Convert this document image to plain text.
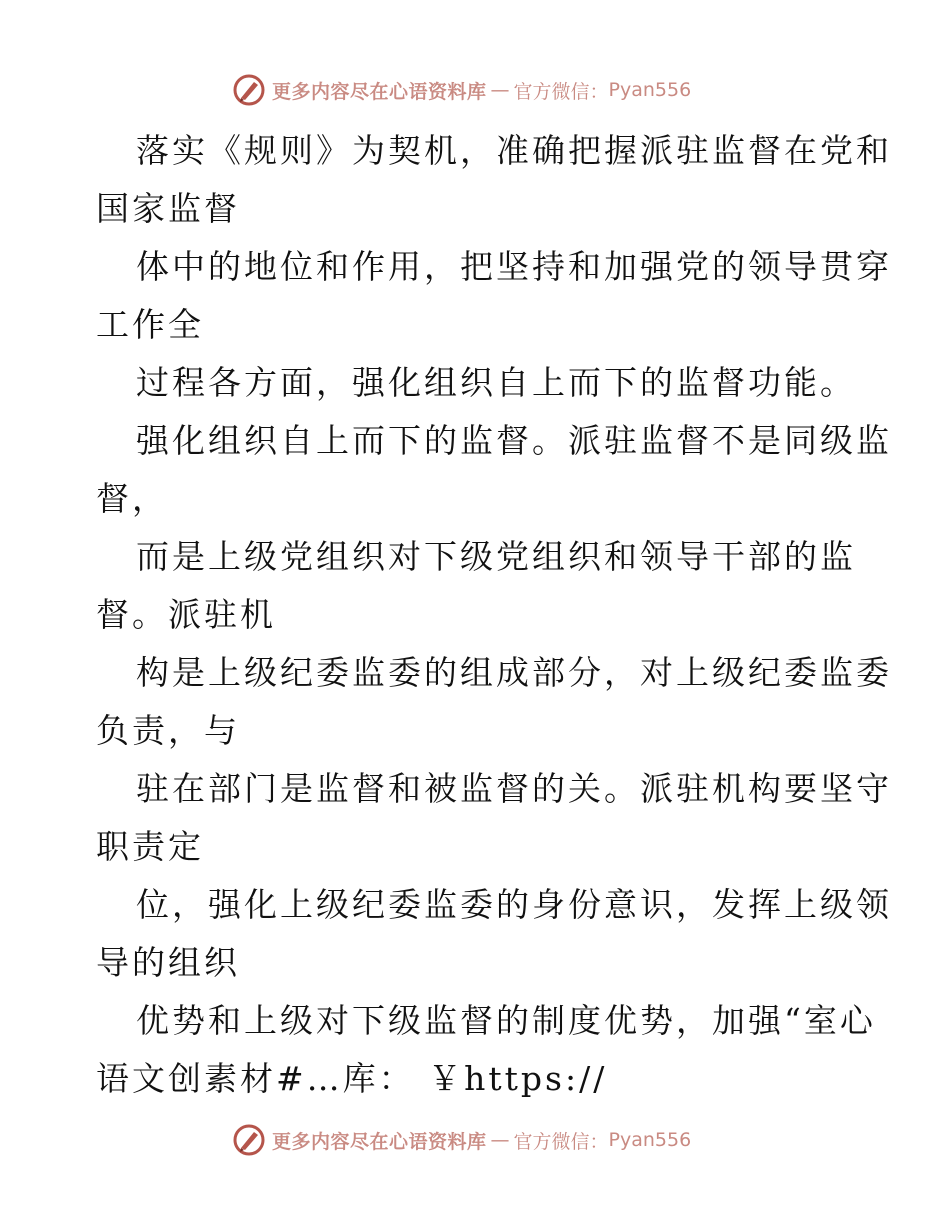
更多内容尽在心语资料库 — 官方微信： Pyan556
落实《规则》为契机，准确把握派驻监督在党和
国家监督
体中的地位和作用，把坚持和加强党的领导贯穿
工作全
过程各方面，强化组织自上而下的监督功能。
强化组织自上而下的监督。派驻监督不是同级监
督，
而是上级党组织对下级党组织和领导干部的监
督。派驻机
构是上级纪委监委的组成部分，对上级纪委监委
负责，与
驻在部门是监督和被监督的关。派驻机构要坚守
职责定
位，强化上级纪委监委的身份意识，发挥上级领
导的组织
优势和上级对下级监督的制度优势，加强“室心
语文创素材#…库： ￥https://
更多内容尽在心语资料库 — 官方微信： Pyan556
